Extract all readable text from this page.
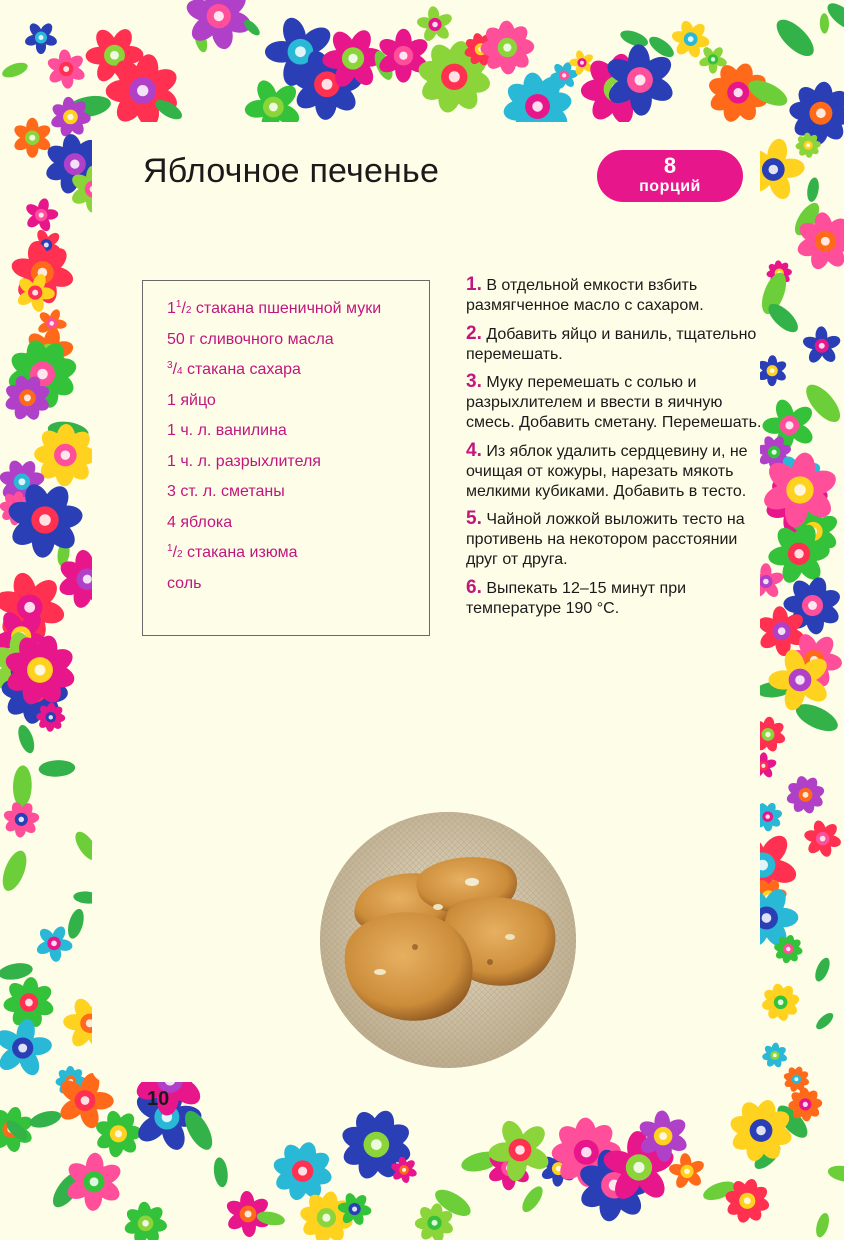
Яблочное печенье	8
порций
$1^1/2$ стакана пшеничной муки
50 г сливочного масла
$^3$/4 стакана сахара
1 яйцо
1 ч. л. ванилина
1 ч. л. разрыхлителя
3 ст. л. сметаны
4 яблока
$^1$/2 стакана изюма
соль
1. В отдельной емкости взбить размягченное масло с сахаром.
2. Добавить яйцо и ваниль, тщательно перемешать.
3. Муку перемешать с солью и разрыхлителем и ввести в яичную смесь. Добавить сметану. Перемешать.
4. Из яблок удалить сердцевину и, не очищая от кожуры, нарезать мякоть мелкими кубиками. Добавить в тесто.
5. Чайной ложкой выложить тесто на противень на некотором расстоянии друг от друга.
6. Выпекать 12–15 минут при температуре 190 °С.
10
